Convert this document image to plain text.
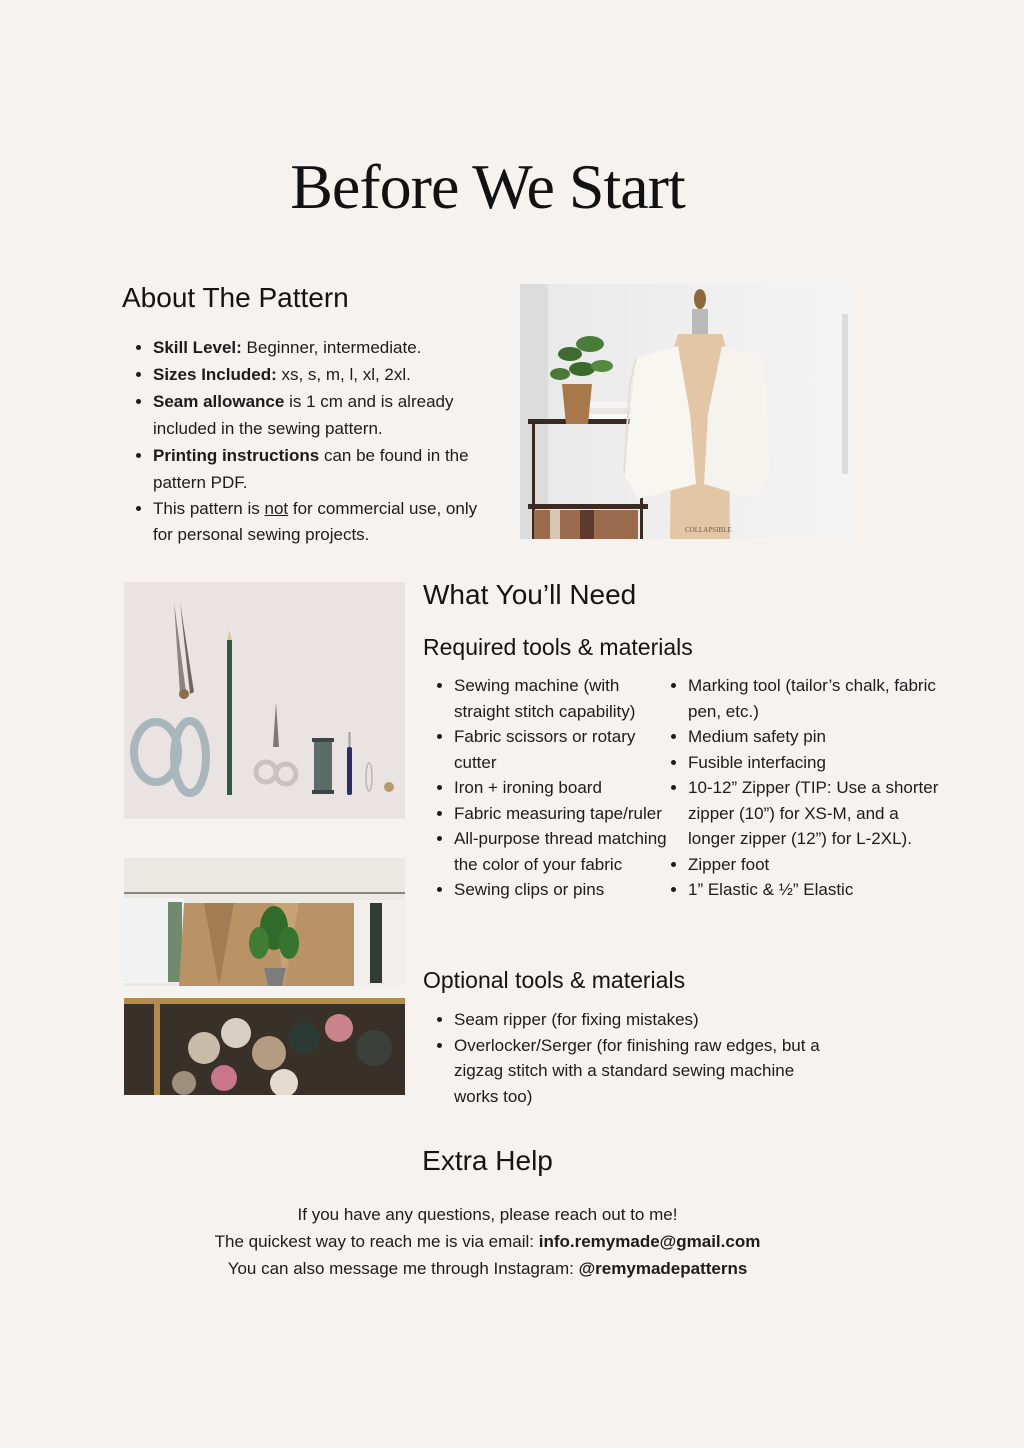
Before We Start
About The Pattern
• Skill Level: Beginner, intermediate.
• Sizes Included: xs, s, m, l, xl, 2xl.
• Seam allowance is 1 cm and is already included in the sewing pattern.
• Printing instructions can be found in the pattern PDF.
• This pattern is not for commercial use, only for personal sewing projects.	COLLAPSIBLE
What You’ll Need
Required tools & materials
• Sewing machine (with straight stitch capability)
• Fabric scissors or rotary cutter
• Iron + ironing board
• Fabric measuring tape/ruler
• All-purpose thread matching the color of your fabric
• Sewing clips or pins
• Marking tool (tailor’s chalk, fabric pen, etc.)
• Medium safety pin
• Fusible interfacing
• 10-12” Zipper (TIP: Use a shorter zipper (10”) for XS-M, and a longer zipper (12”) for L-2XL).
• Zipper foot
• 1” Elastic & ½” Elastic
Optional tools & materials
• Seam ripper (for fixing mistakes)
• Overlocker/Serger (for finishing raw edges, but a zigzag stitch with a standard sewing machine works too)
Extra Help
If you have any questions, please reach out to me!
The quickest way to reach me is via email: info.remymade@gmail.com
You can also message me through Instagram: @remymadepatterns
